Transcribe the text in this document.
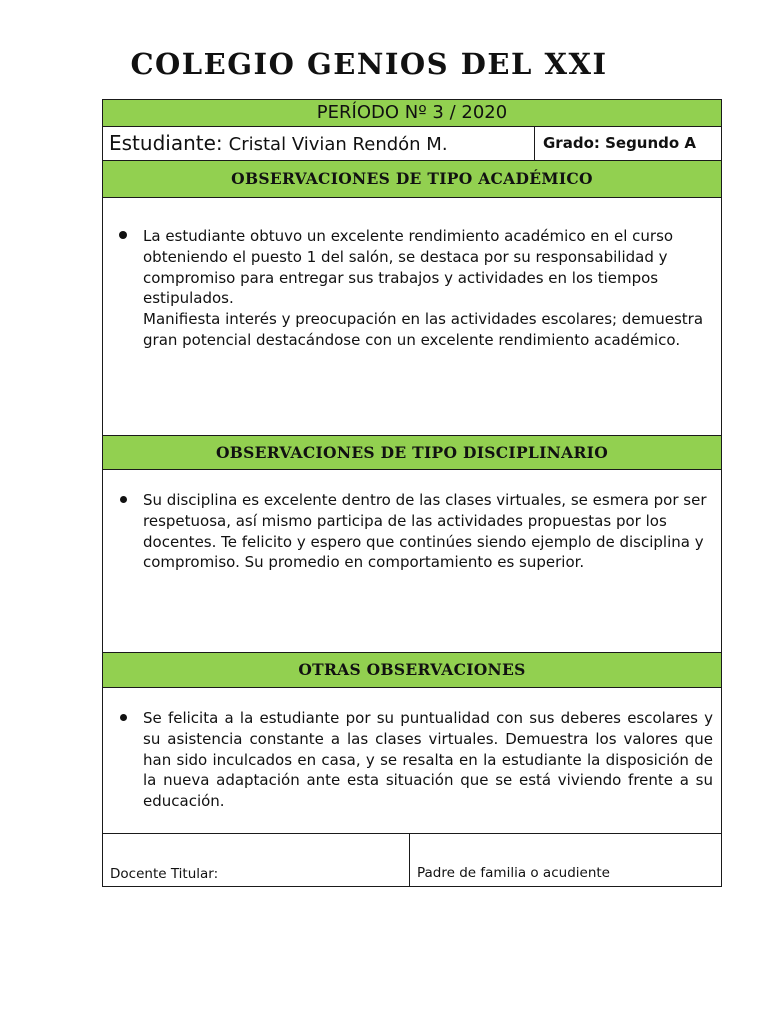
COLEGIO GENIOS DEL XXI
PERÍODO Nº 3 / 2020
Estudiante: Cristal Vivian Rendón M.	Grado: Segundo A
OBSERVACIONES DE TIPO ACADÉMICO
La estudiante obtuvo un excelente rendimiento académico en el curso obteniendo el puesto 1 del salón, se destaca por su responsabilidad y compromiso para entregar sus trabajos y actividades en los tiempos estipulados.
Manifiesta interés y preocupación en las actividades escolares; demuestra gran potencial destacándose con un excelente rendimiento académico.
OBSERVACIONES DE TIPO DISCIPLINARIO
Su disciplina es excelente dentro de las clases virtuales, se esmera por ser respetuosa, así mismo participa de las actividades propuestas por los docentes. Te felicito y espero que continúes siendo ejemplo de disciplina y compromiso. Su promedio en comportamiento es superior.
OTRAS OBSERVACIONES
Se felicita a la estudiante por su puntualidad con sus deberes escolares y su asistencia constante a las clases virtuales. Demuestra los valores que han sido inculcados en casa, y se resalta en la estudiante la disposición de la nueva adaptación ante esta situación que se está viviendo frente a su educación.
Docente Titular:	Padre de familia o acudiente
